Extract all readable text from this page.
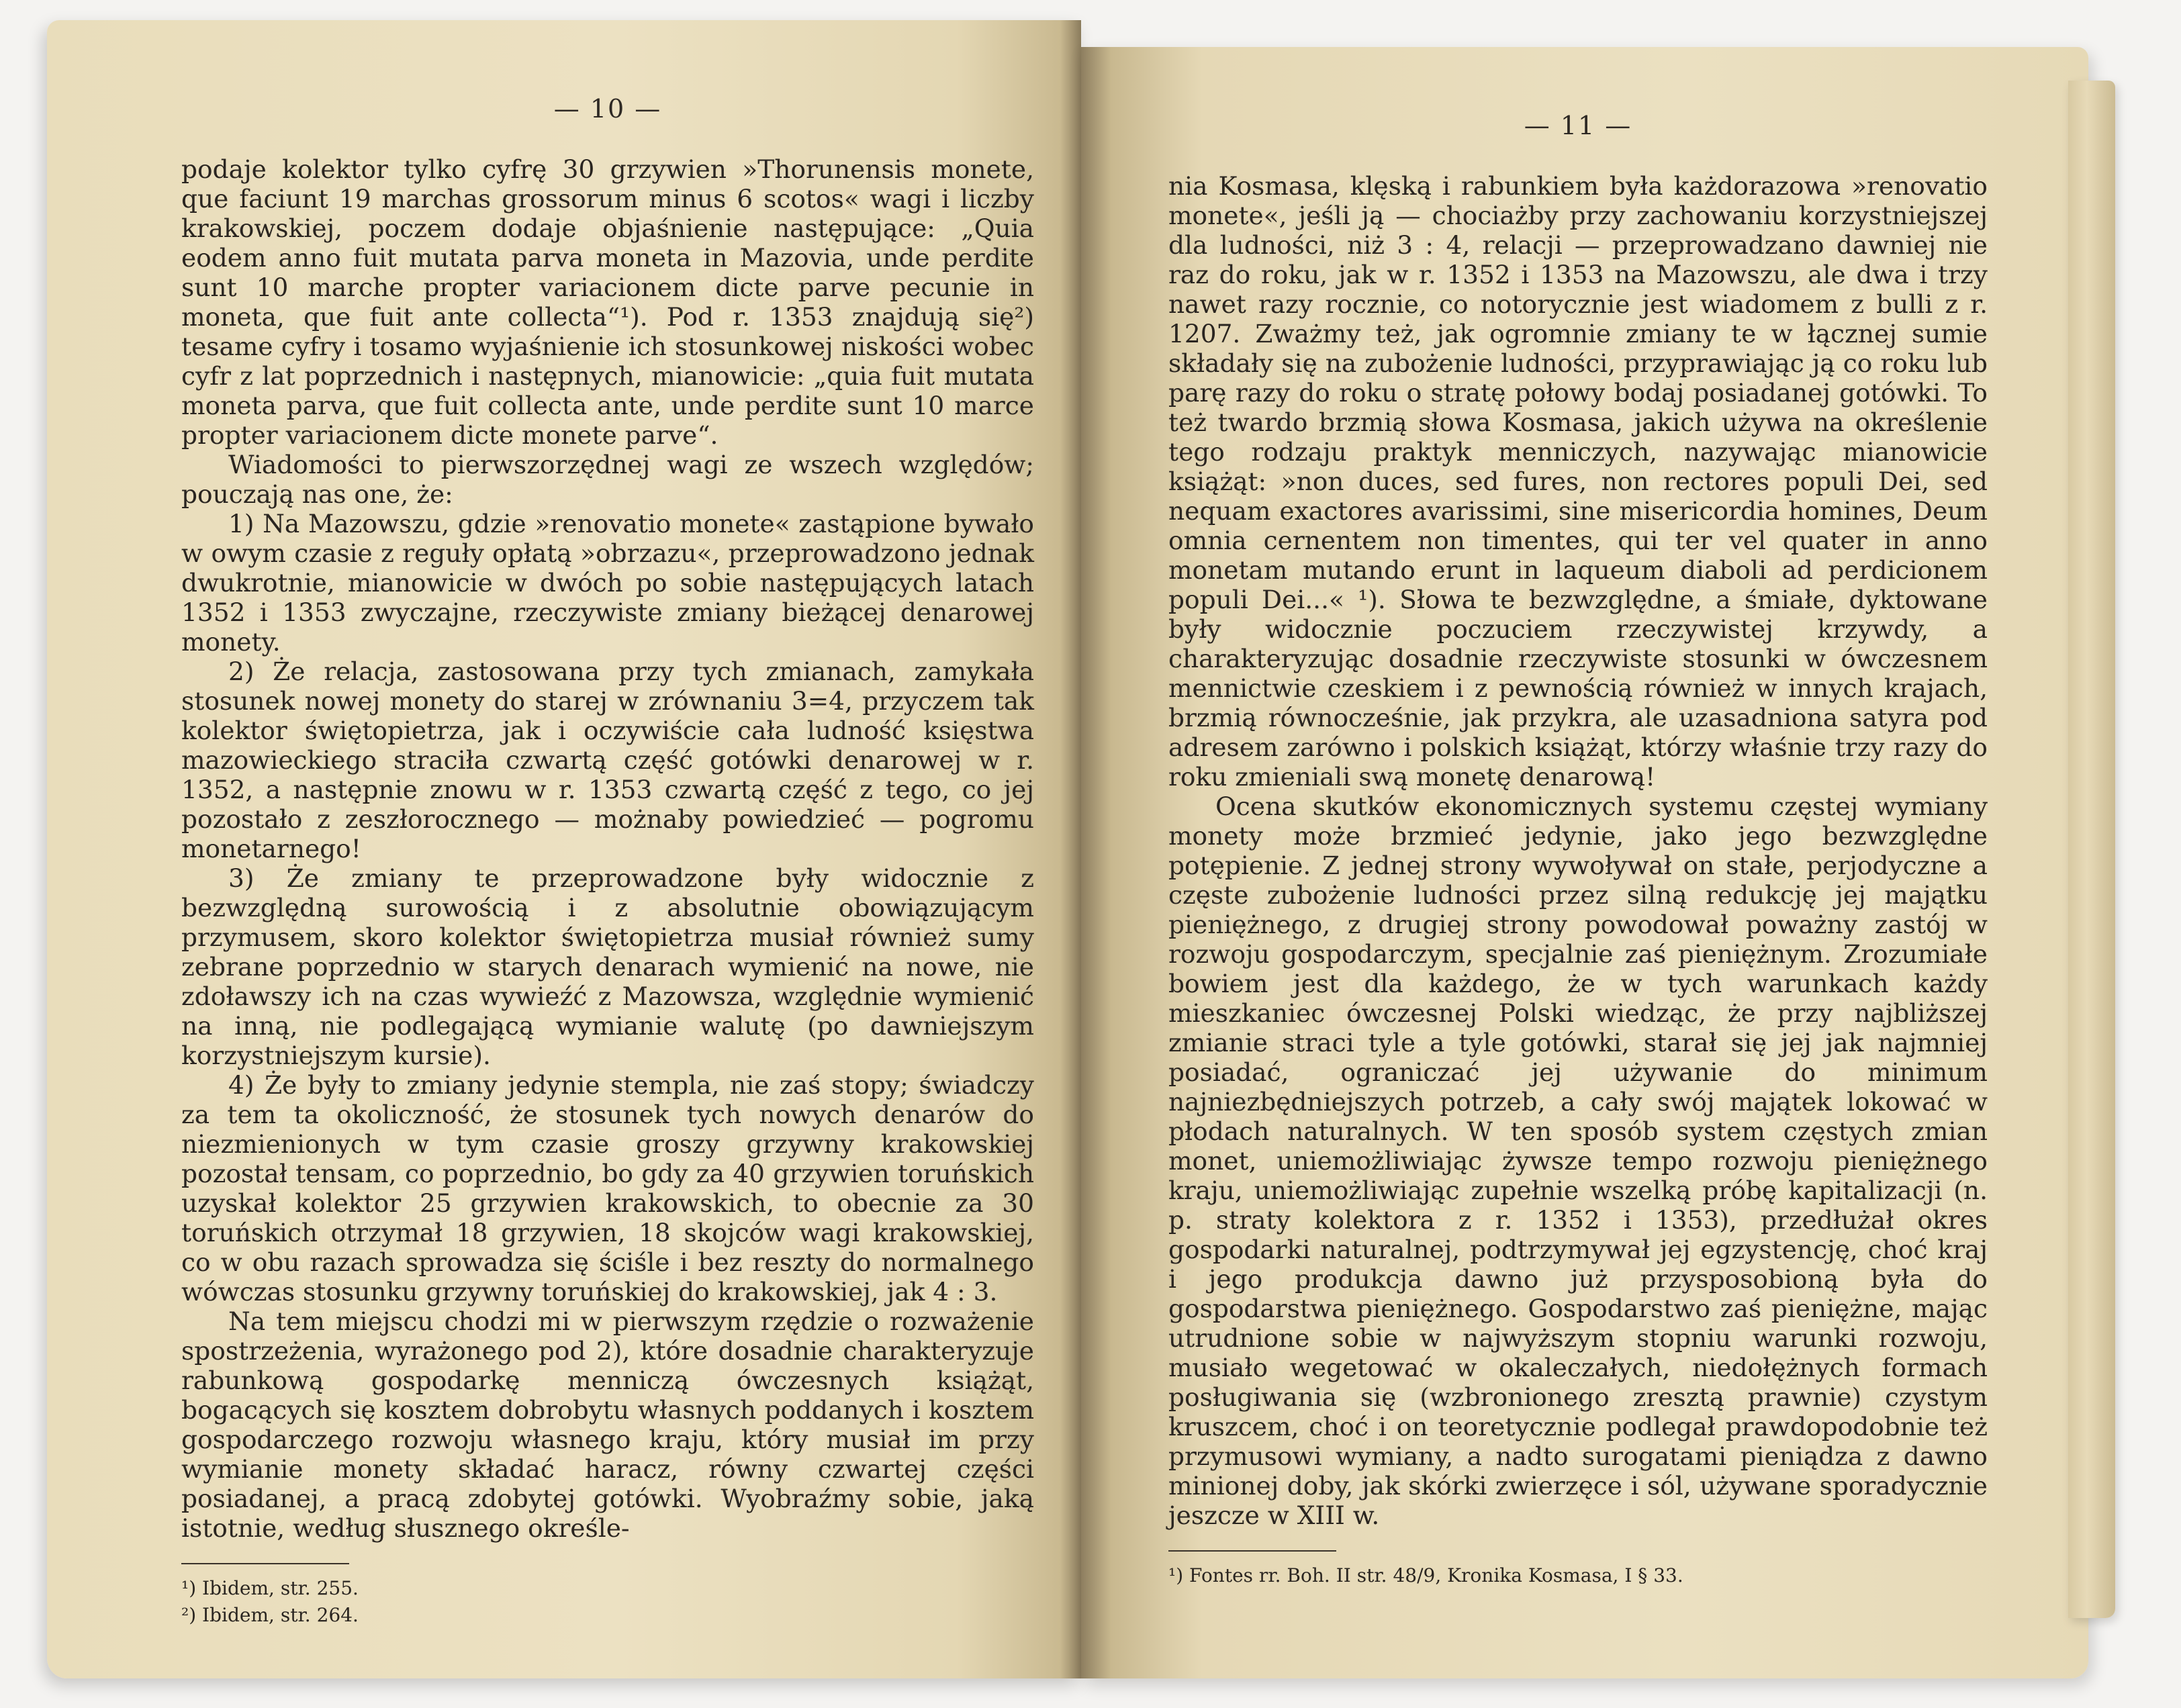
— 10 —

podaje kolektor tylko cyfrę 30 grzywien »Thorunensis monete, que faciunt 19 marchas grossorum minus 6 scotos« wagi i liczby krakowskiej, poczem dodaje objaśnienie następujące: „Quia eodem anno fuit mutata parva moneta in Mazovia, unde perdite sunt 10 marche propter variacionem dicte parve pecunie in moneta, que fuit ante collecta“¹). Pod r. 1353 znajdują się²) tesame cyfry i tosamo wyjaśnienie ich stosunkowej niskości wobec cyfr z lat poprzednich i następnych, mianowicie: „quia fuit mutata moneta parva, que fuit collecta ante, unde perdite sunt 10 marce propter variacionem dicte monete parve“.

Wiadomości to pierwszorzędnej wagi ze wszech względów; pouczają nas one, że:

1) Na Mazowszu, gdzie »renovatio monete« zastąpione bywało w owym czasie z reguły opłatą »obrzazu«, przeprowadzono jednak dwukrotnie, mianowicie w dwóch po sobie następujących latach 1352 i 1353 zwyczajne, rzeczywiste zmiany bieżącej denarowej monety.

2) Że relacja, zastosowana przy tych zmianach, zamykała stosunek nowej monety do starej w zrównaniu 3=4, przyczem tak kolektor świętopietrza, jak i oczywiście cała ludność księstwa mazowieckiego straciła czwartą część gotówki denarowej w r. 1352, a następnie znowu w r. 1353 czwartą część z tego, co jej pozostało z zeszłorocznego — możnaby powiedzieć — pogromu monetarnego!

3) Że zmiany te przeprowadzone były widocznie z bezwzględną surowością i z absolutnie obowiązującym przymusem, skoro kolektor świętopietrza musiał również sumy zebrane poprzednio w starych denarach wymienić na nowe, nie zdoławszy ich na czas wywieźć z Mazowsza, względnie wymienić na inną, nie podlegającą wymianie walutę (po dawniejszym korzystniejszym kursie).

4) Że były to zmiany jedynie stempla, nie zaś stopy; świadczy za tem ta okoliczność, że stosunek tych nowych denarów do niezmienionych w tym czasie groszy grzywny krakowskiej pozostał tensam, co poprzednio, bo gdy za 40 grzywien toruńskich uzyskał kolektor 25 grzywien krakowskich, to obecnie za 30 toruńskich otrzymał 18 grzywien, 18 skojców wagi krakowskiej, co w obu razach sprowadza się ściśle i bez reszty do normalnego wówczas stosunku grzywny toruńskiej do krakowskiej, jak 4 : 3.

Na tem miejscu chodzi mi w pierwszym rzędzie o rozważenie spostrzeżenia, wyrażonego pod 2), które dosadnie charakteryzuje rabunkową gospodarkę menniczą ówczesnych książąt, bogacących się kosztem dobrobytu własnych poddanych i kosztem gospodarczego rozwoju własnego kraju, który musiał im przy wymianie monety składać haracz, równy czwartej części posiadanej, a pracą zdobytej gotówki. Wyobraźmy sobie, jaką istotnie, według słusznego określe-

¹) Ibidem, str. 255.

²) Ibidem, str. 264.

— 11 —

nia Kosmasa, klęską i rabunkiem była każdorazowa »renovatio monete«, jeśli ją — chociażby przy zachowaniu korzystniejszej dla ludności, niż 3 : 4, relacji — przeprowadzano dawniej nie raz do roku, jak w r. 1352 i 1353 na Mazowszu, ale dwa i trzy nawet razy rocznie, co notorycznie jest wiadomem z bulli z r. 1207. Zważmy też, jak ogromnie zmiany te w łącznej sumie składały się na zubożenie ludności, przyprawiając ją co roku lub parę razy do roku o stratę połowy bodaj posiadanej gotówki. To też twardo brzmią słowa Kosmasa, jakich używa na określenie tego rodzaju praktyk menniczych, nazywając mianowicie książąt: »non duces, sed fures, non rectores populi Dei, sed nequam exactores avarissimi, sine misericordia homines, Deum omnia cernentem non timentes, qui ter vel quater in anno monetam mutando erunt in laqueum diaboli ad perdicionem populi Dei...« ¹). Słowa te bezwzględne, a śmiałe, dyktowane były widocznie poczuciem rzeczywistej krzywdy, a charakteryzując dosadnie rzeczywiste stosunki w ówczesnem mennictwie czeskiem i z pewnością również w innych krajach, brzmią równocześnie, jak przykra, ale uzasadniona satyra pod adresem zarówno i polskich książąt, którzy właśnie trzy razy do roku zmieniali swą monetę denarową!

Ocena skutków ekonomicznych systemu częstej wymiany monety może brzmieć jedynie, jako jego bezwzględne potępienie. Z jednej strony wywoływał on stałe, perjodyczne a częste zubożenie ludności przez silną redukcję jej majątku pieniężnego, z drugiej strony powodował poważny zastój w rozwoju gospodarczym, specjalnie zaś pieniężnym. Zrozumiałe bowiem jest dla każdego, że w tych warunkach każdy mieszkaniec ówczesnej Polski wiedząc, że przy najbliższej zmianie straci tyle a tyle gotówki, starał się jej jak najmniej posiadać, ograniczać jej używanie do minimum najniezbędniejszych potrzeb, a cały swój majątek lokować w płodach naturalnych. W ten sposób system częstych zmian monet, uniemożliwiając żywsze tempo rozwoju pieniężnego kraju, uniemożliwiając zupełnie wszelką próbę kapitalizacji (n. p. straty kolektora z r. 1352 i 1353), przedłużał okres gospodarki naturalnej, podtrzymywał jej egzystencję, choć kraj i jego produkcja dawno już przysposobioną była do gospodarstwa pieniężnego. Gospodarstwo zaś pieniężne, mając utrudnione sobie w najwyższym stopniu warunki rozwoju, musiało wegetować w okaleczałych, niedołężnych formach posługiwania się (wzbronionego zresztą prawnie) czystym kruszcem, choć i on teoretycznie podlegał prawdopodobnie też przymusowi wymiany, a nadto surogatami pieniądza z dawno minionej doby, jak skórki zwierzęce i sól, używane sporadycznie jeszcze w XIII w.

¹) Fontes rr. Boh. II str. 48/9, Kronika Kosmasa, I § 33.
